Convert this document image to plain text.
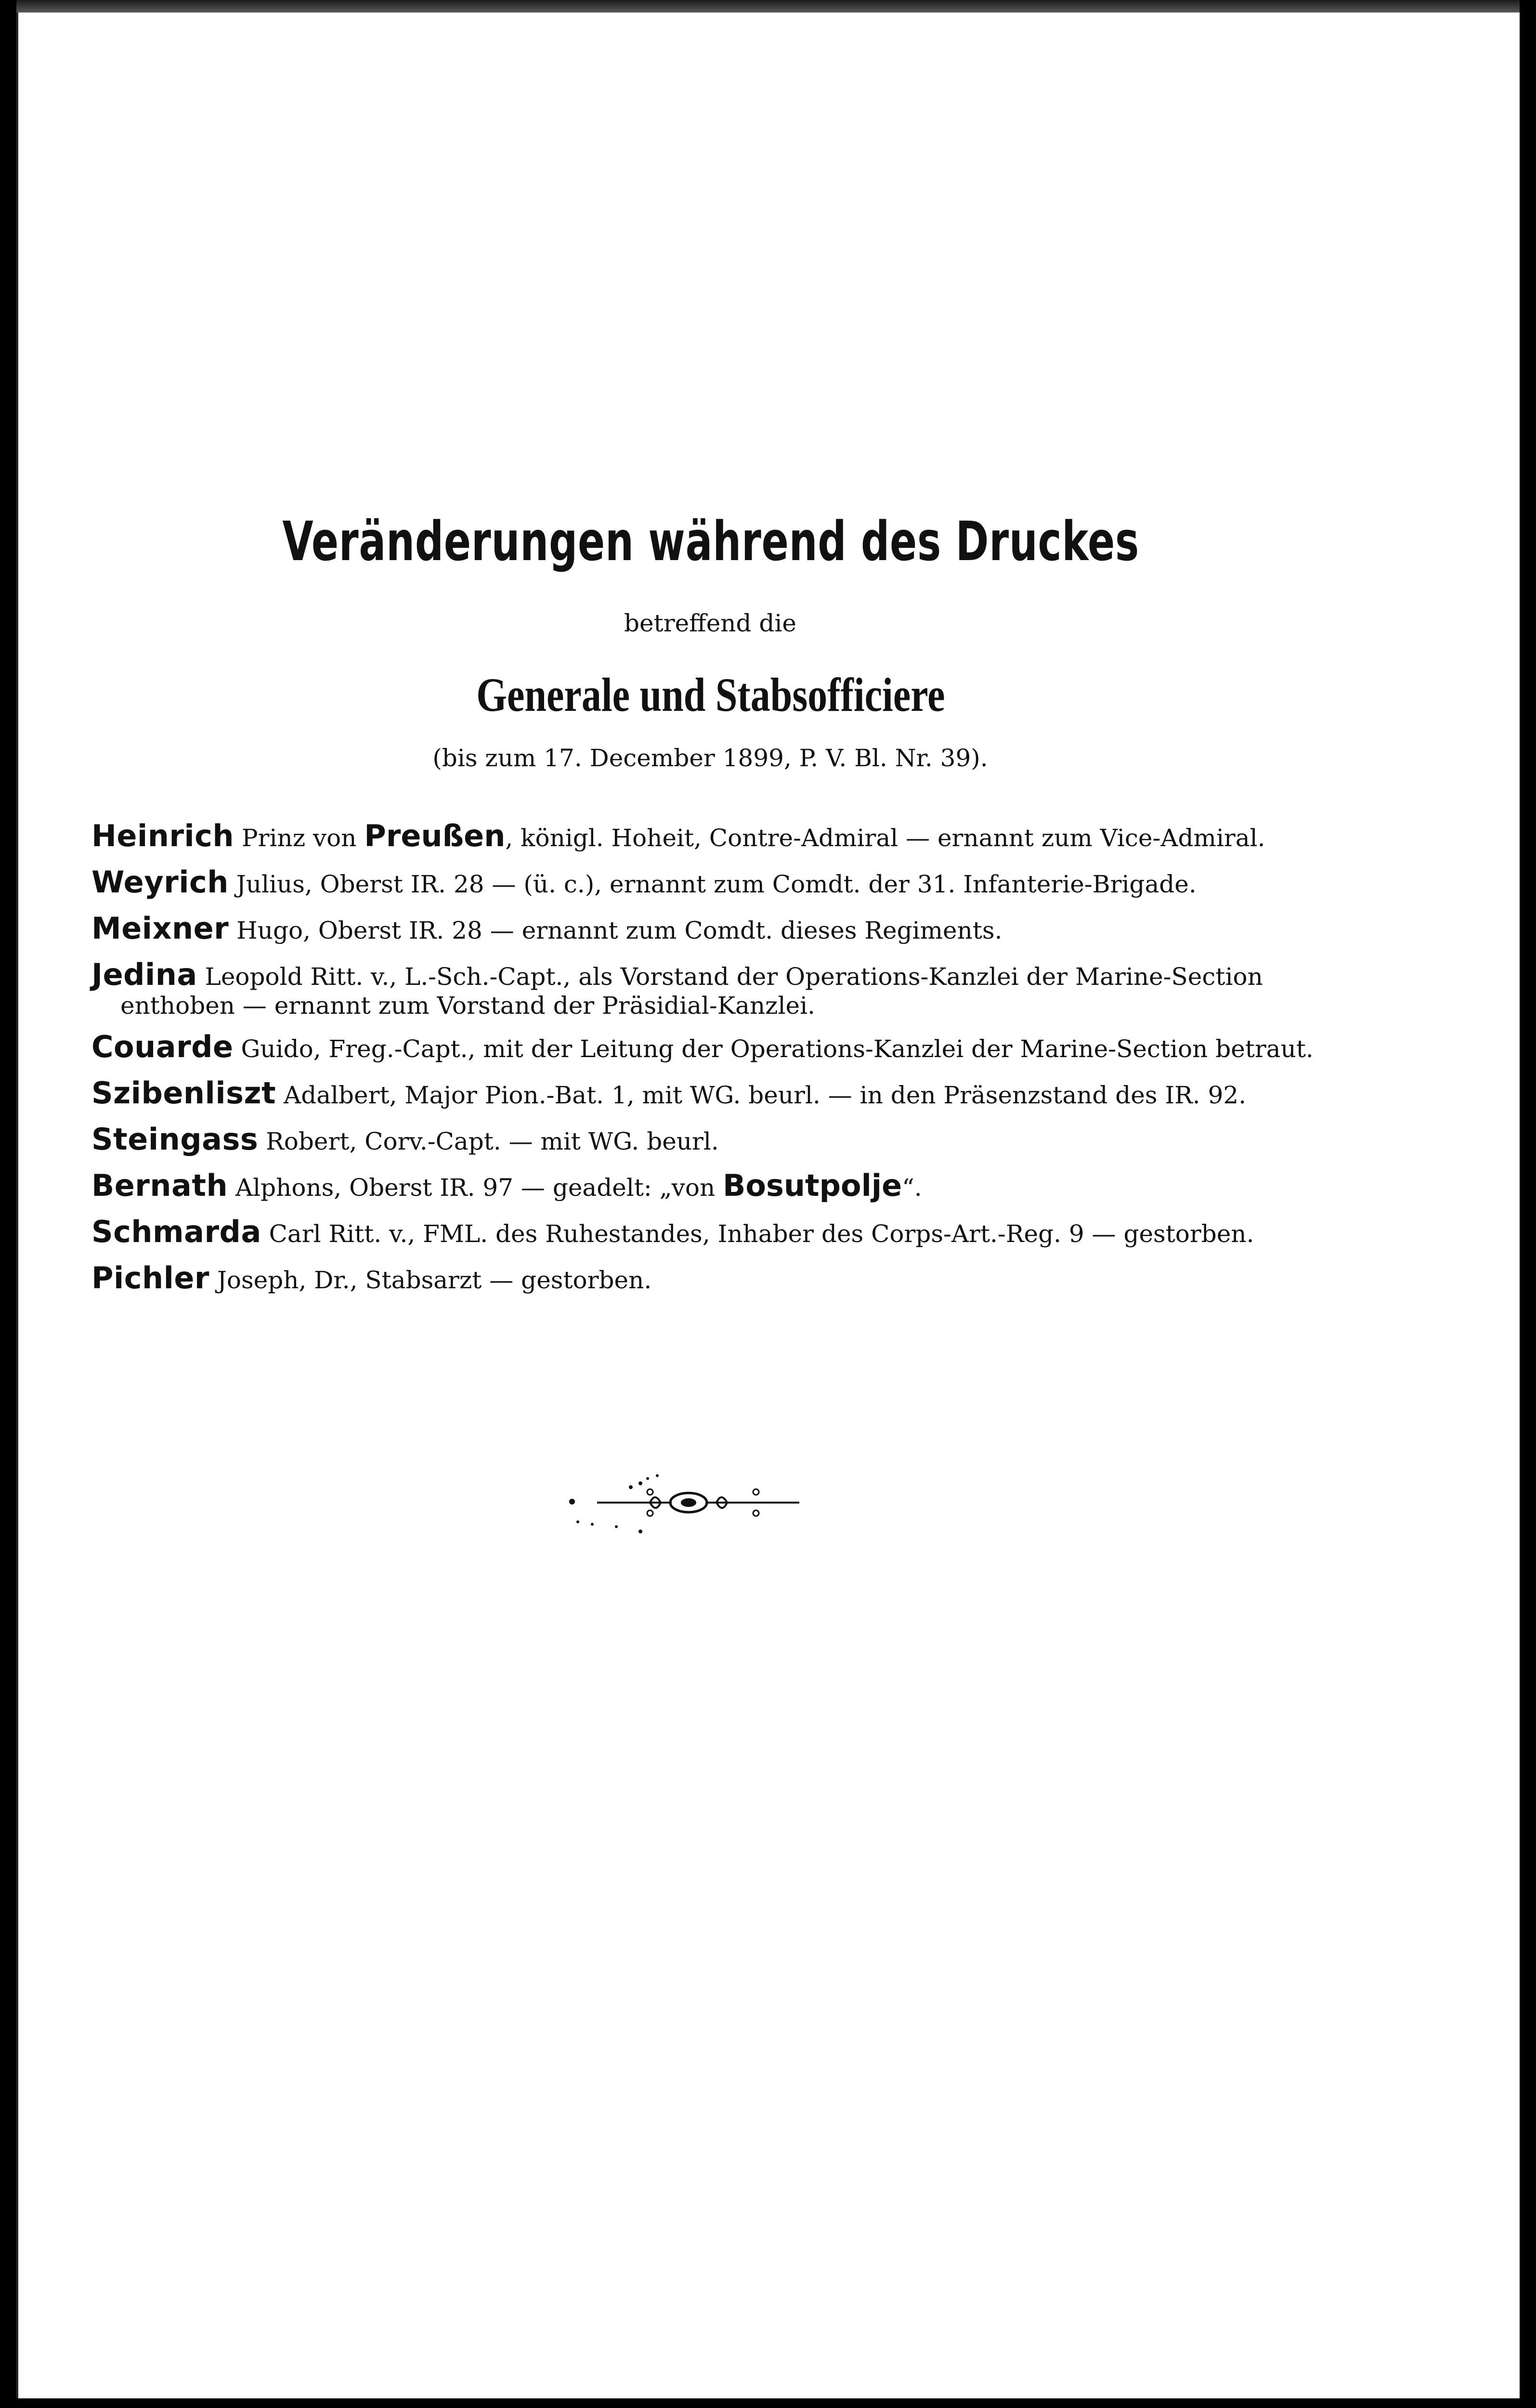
Veränderungen während des Druckes
betreffend die
Generale und Stabsofficiere
(bis zum 17. December 1899, P. V. Bl. Nr. 39).
Heinrich Prinz von Preußen, königl. Hoheit, Contre-Admiral — ernannt zum Vice-Admiral.
Weyrich Julius, Oberst IR. 28 — (ü. c.), ernannt zum Comdt. der 31. Infanterie-Brigade.
Meixner Hugo, Oberst IR. 28 — ernannt zum Comdt. dieses Regiments.
Jedina Leopold Ritt. v., L.-Sch.-Capt., als Vorstand der Operations-Kanzlei der Marine-Section
enthoben — ernannt zum Vorstand der Präsidial-Kanzlei.
Couarde Guido, Freg.-Capt., mit der Leitung der Operations-Kanzlei der Marine-Section betraut.
Szibenliszt Adalbert, Major Pion.-Bat. 1, mit WG. beurl. — in den Präsenzstand des IR. 92.
Steingass Robert, Corv.-Capt. — mit WG. beurl.
Bernath Alphons, Oberst IR. 97 — geadelt: „von Bosutpolje“.
Schmarda Carl Ritt. v., FML. des Ruhestandes, Inhaber des Corps-Art.-Reg. 9 — gestorben.
Pichler Joseph, Dr., Stabsarzt — gestorben.
